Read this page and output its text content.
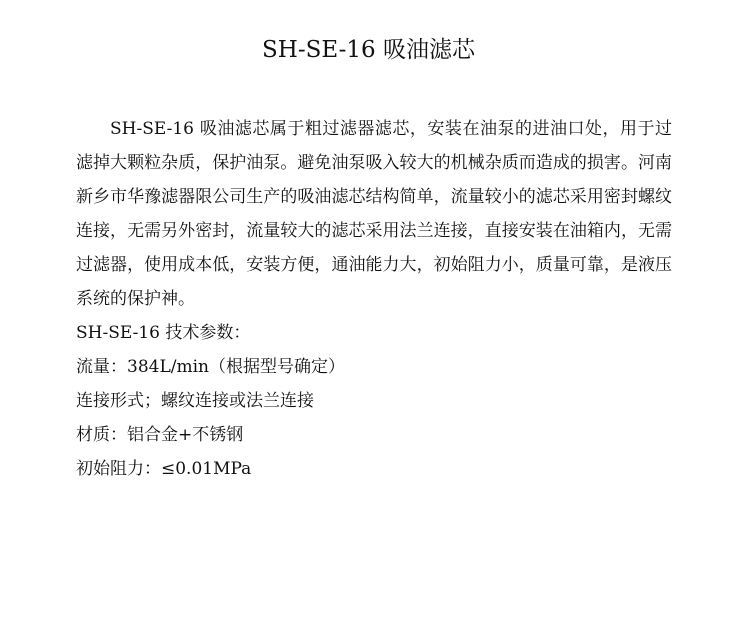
SH-SE-16 吸油滤芯

SH-SE-16 吸油滤芯属于粗过滤器滤芯，安装在油泵的进油口处，用于过滤掉大颗粒杂质，保护油泵。避免油泵吸入较大的机械杂质而造成的损害。河南新乡市华豫滤器限公司生产的吸油滤芯结构简单，流量较小的滤芯采用密封螺纹连接，无需另外密封，流量较大的滤芯采用法兰连接，直接安装在油箱内，无需过滤器，使用成本低，安装方便，通油能力大，初始阻力小，质量可靠，是液压系统的保护神。

SH-SE-16 技术参数：

流量：384L/min（根据型号确定）

连接形式；螺纹连接或法兰连接

材质：铝合金+不锈钢

初始阻力：≤0.01MPa
